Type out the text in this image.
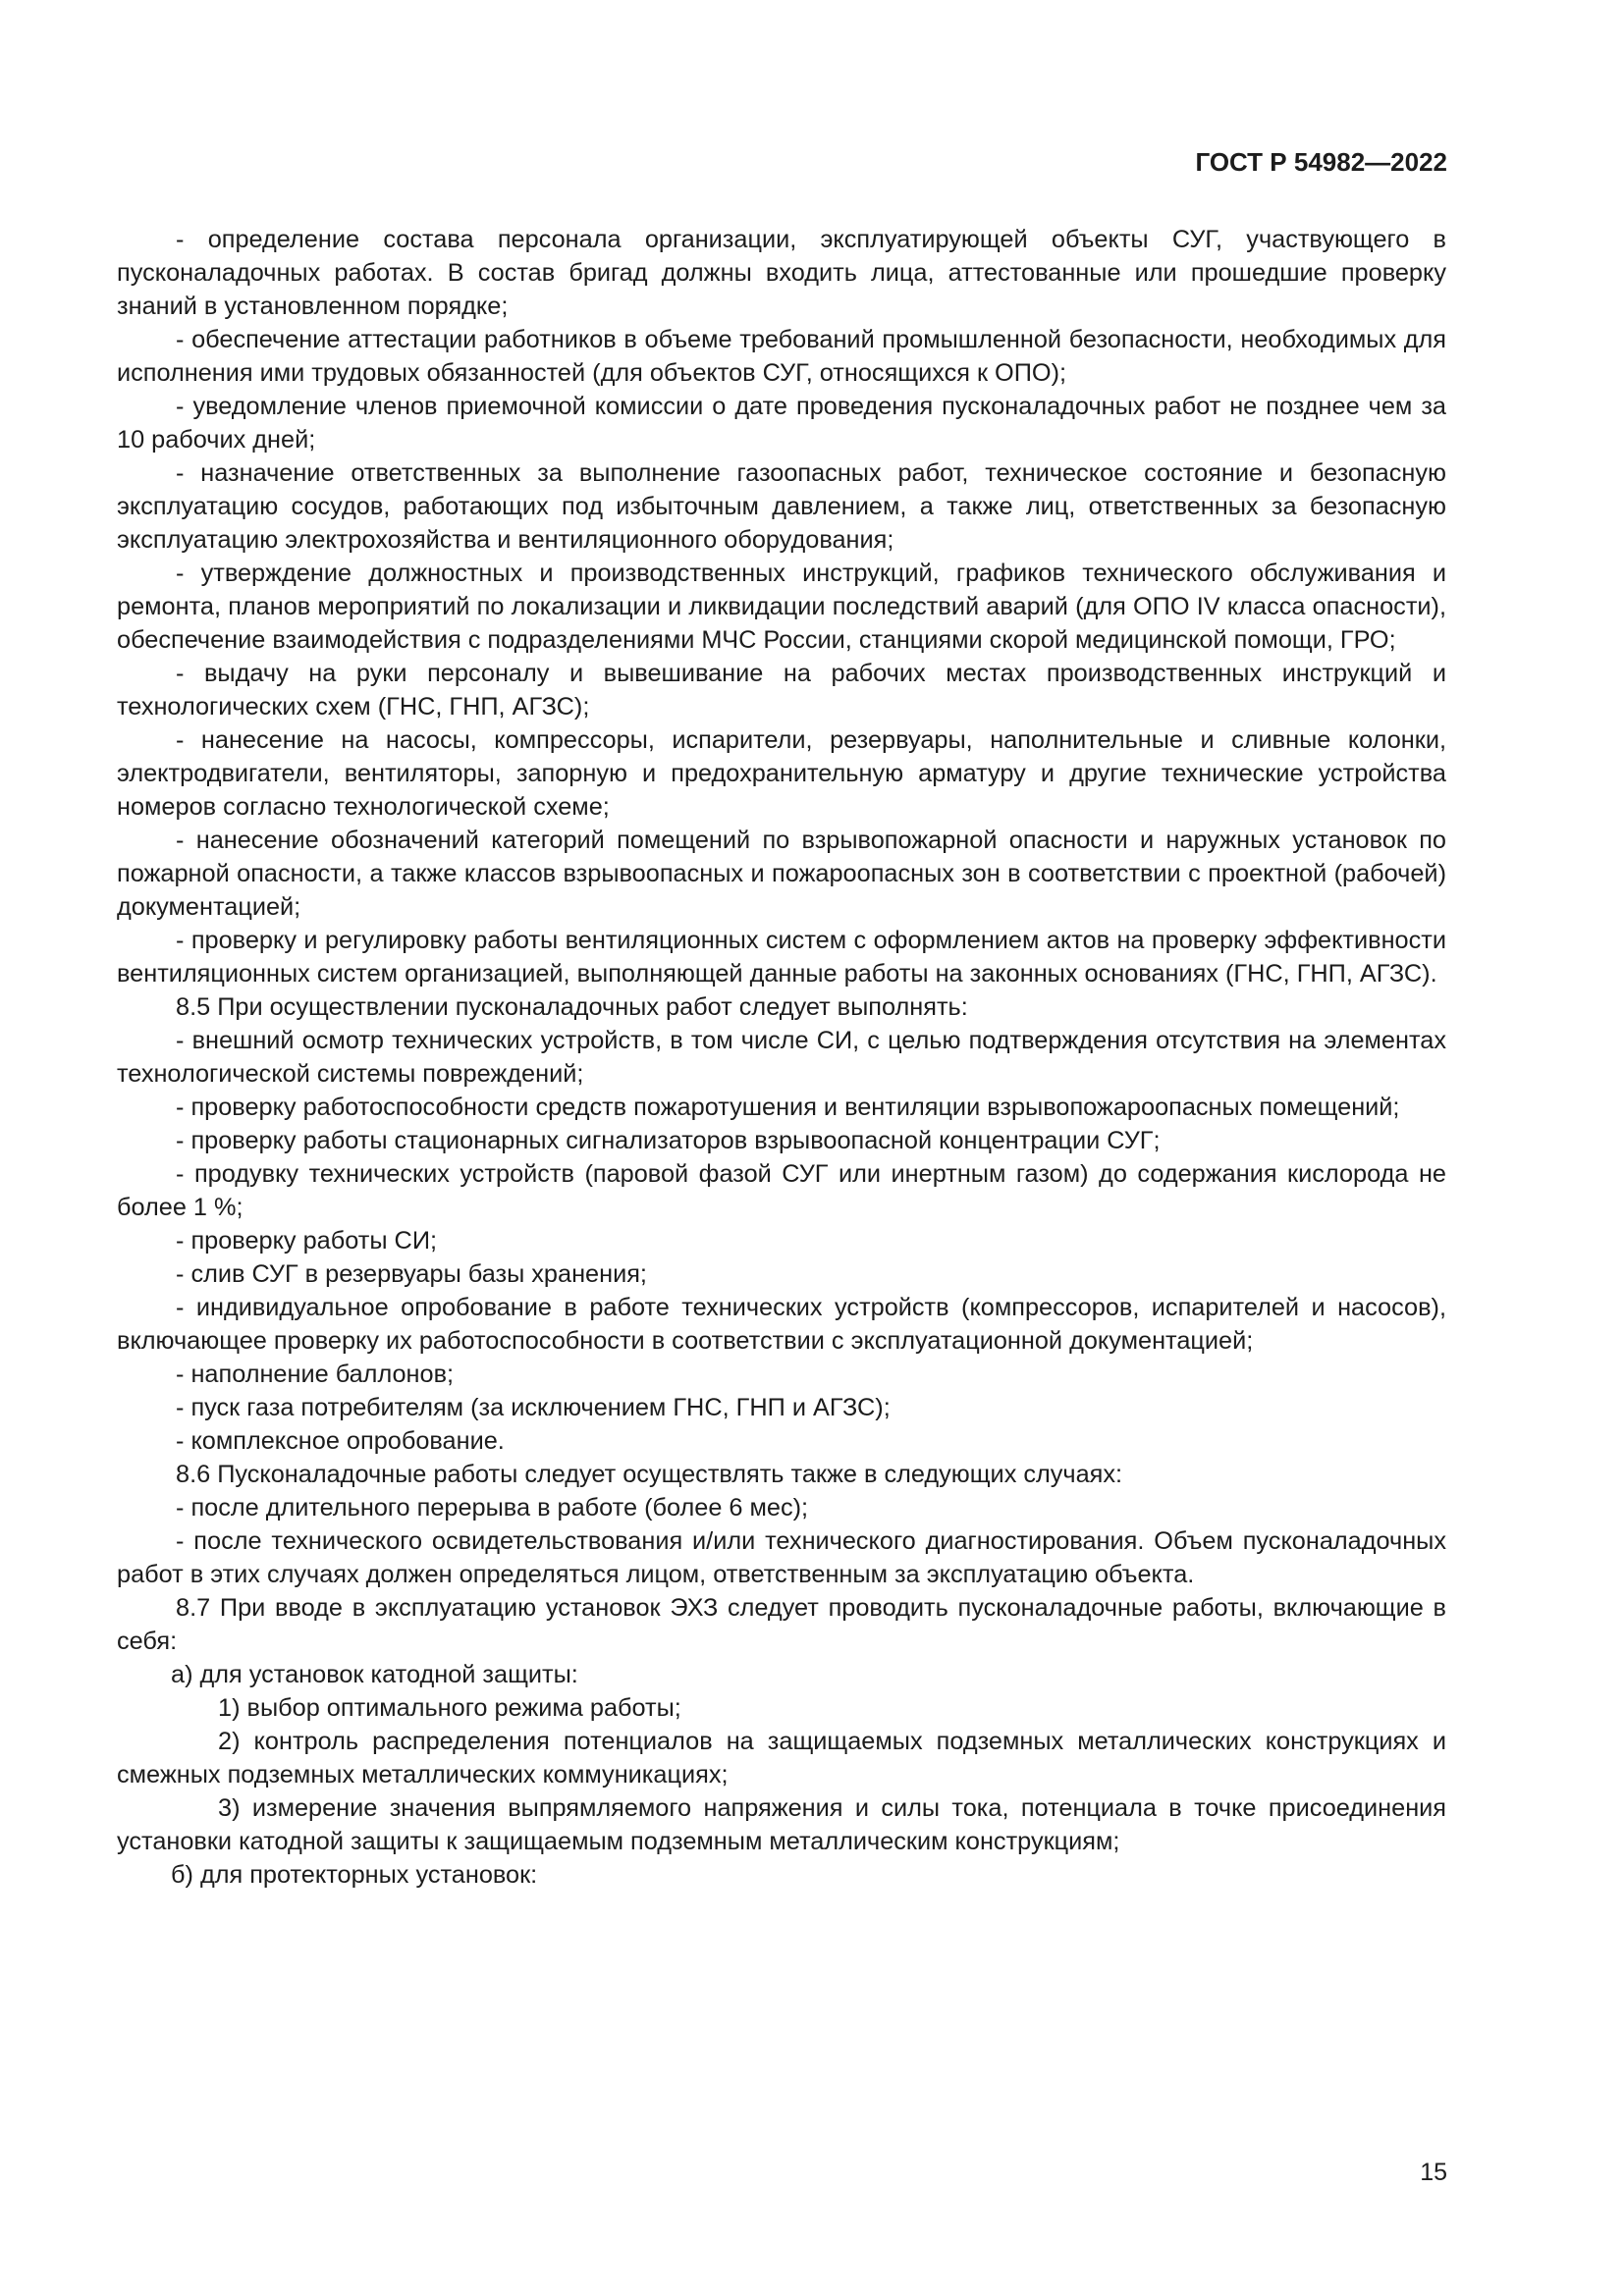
ГОСТ Р 54982—2022

- определение состава персонала организации, эксплуатирующей объекты СУГ, участвующего в пусконаладочных работах. В состав бригад должны входить лица, аттестованные или прошедшие проверку знаний в установленном порядке;

- обеспечение аттестации работников в объеме требований промышленной безопасности, необходимых для исполнения ими трудовых обязанностей (для объектов СУГ, относящихся к ОПО);

- уведомление членов приемочной комиссии о дате проведения пусконаладочных работ не позднее чем за 10 рабочих дней;

- назначение ответственных за выполнение газоопасных работ, техническое состояние и безопасную эксплуатацию сосудов, работающих под избыточным давлением, а также лиц, ответственных за безопасную эксплуатацию электрохозяйства и вентиляционного оборудования;

- утверждение должностных и производственных инструкций, графиков технического обслуживания и ремонта, планов мероприятий по локализации и ликвидации последствий аварий (для ОПО IV класса опасности), обеспечение взаимодействия с подразделениями МЧС России, станциями скорой медицинской помощи, ГРО;

- выдачу на руки персоналу и вывешивание на рабочих местах производственных инструкций и технологических схем (ГНС, ГНП, АГЗС);

- нанесение на насосы, компрессоры, испарители, резервуары, наполнительные и сливные колонки, электродвигатели, вентиляторы, запорную и предохранительную арматуру и другие технические устройства номеров согласно технологической схеме;

- нанесение обозначений категорий помещений по взрывопожарной опасности и наружных установок по пожарной опасности, а также классов взрывоопасных и пожароопасных зон в соответствии с проектной (рабочей) документацией;

- проверку и регулировку работы вентиляционных систем с оформлением актов на проверку эффективности вентиляционных систем организацией, выполняющей данные работы на законных основаниях (ГНС, ГНП, АГЗС).

8.5 При осуществлении пусконаладочных работ следует выполнять:

- внешний осмотр технических устройств, в том числе СИ, с целью подтверждения отсутствия на элементах технологической системы повреждений;

- проверку работоспособности средств пожаротушения и вентиляции взрывопожароопасных помещений;

- проверку работы стационарных сигнализаторов взрывоопасной концентрации СУГ;

- продувку технических устройств (паровой фазой СУГ или инертным газом) до содержания кислорода не более 1 %;

- проверку работы СИ;

- слив СУГ в резервуары базы хранения;

- индивидуальное опробование в работе технических устройств (компрессоров, испарителей и насосов), включающее проверку их работоспособности в соответствии с эксплуатационной документацией;

- наполнение баллонов;

- пуск газа потребителям (за исключением ГНС, ГНП и АГЗС);

- комплексное опробование.

8.6 Пусконаладочные работы следует осуществлять также в следующих случаях:

- после длительного перерыва в работе (более 6 мес);

- после технического освидетельствования и/или технического диагностирования. Объем пусконаладочных работ в этих случаях должен определяться лицом, ответственным за эксплуатацию объекта.

8.7 При вводе в эксплуатацию установок ЭХЗ следует проводить пусконаладочные работы, включающие в себя:

а) для установок катодной защиты:

1) выбор оптимального режима работы;

2) контроль распределения потенциалов на защищаемых подземных металлических конструкциях и смежных подземных металлических коммуникациях;

3) измерение значения выпрямляемого напряжения и силы тока, потенциала в точке присоединения установки катодной защиты к защищаемым подземным металлическим конструкциям;

б) для протекторных установок:

15
